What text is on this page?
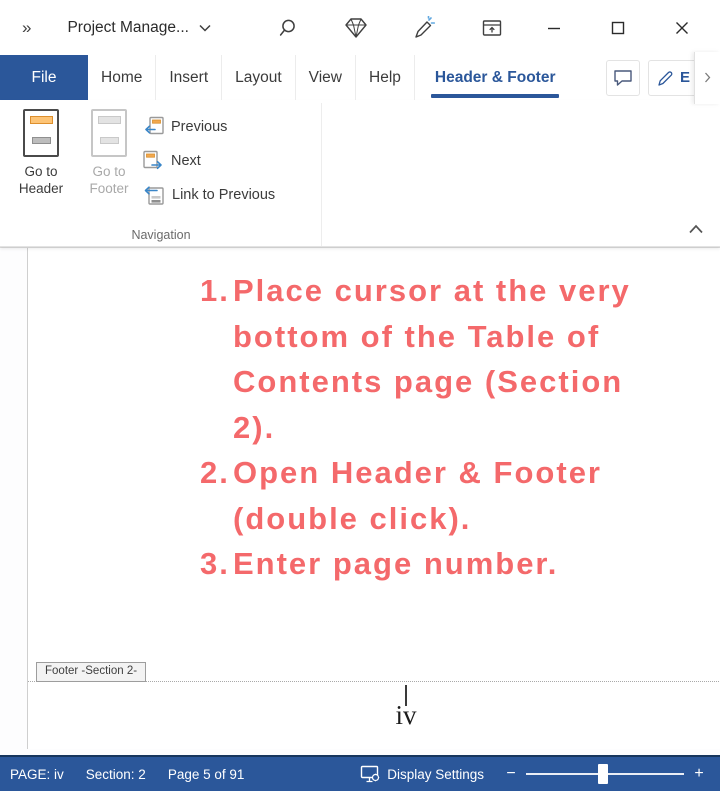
» Project Manage...
File	Home	Insert	Layout	View	Help	Header & Footer	E
Go to
Header
Go to
Footer
Previous
Next
Link to Previous
Navigation
1. Place cursor at the very bottom of the Table of Contents page (Section 2).
2. Open Header & Footer (double click).
3. Enter page number.
Footer -Section 2-
iv
PAGE: iv Section: 2 Page 5 of 91	Display Settings −	+
